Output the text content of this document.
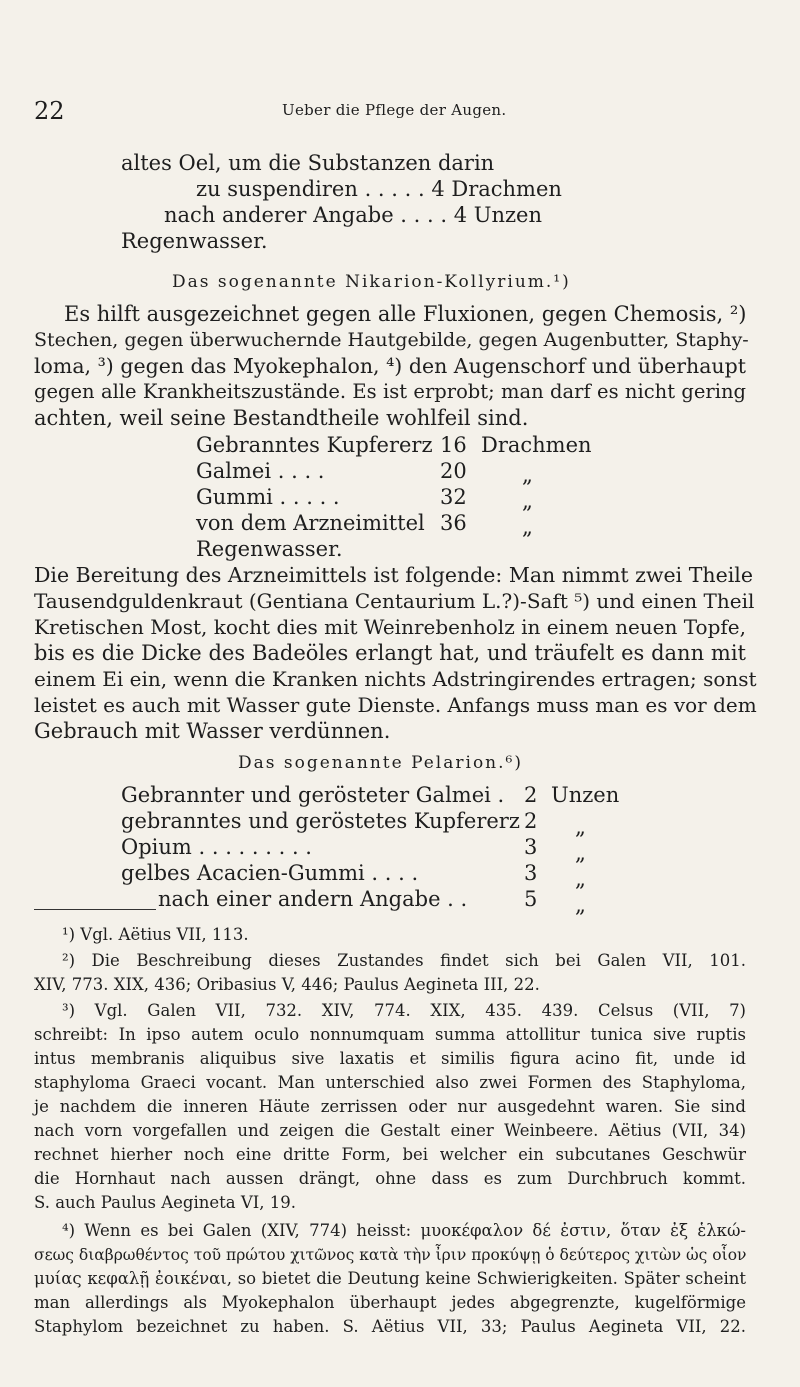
22	Ueber die Pflege der Augen.
altes Oel, um die Substanzen darin
zu suspendiren . . . . . 4 Drachmen
nach anderer Angabe . . . . 4 Unzen
Regenwasser.
Das sogenannte Nikarion-Kollyrium.¹)
Es hilft ausgezeichnet gegen alle Fluxionen, gegen Chemosis, ²)
Stechen, gegen überwuchernde Hautgebilde, gegen Augenbutter, Staphy-
loma, ³) gegen das Myokephalon, ⁴) den Augenschorf und überhaupt
gegen alle Krankheitszustände. Es ist erprobt; man darf es nicht gering
achten, weil seine Bestandtheile wohlfeil sind.
Gebranntes Kupfererz 16 Drachmen
Galmei . . . .	20	„
Gummi . . . . .	32	„
von dem Arzneimittel 36	„
Regenwasser.
Die Bereitung des Arzneimittels ist folgende: Man nimmt zwei Theile
Tausendguldenkraut (Gentiana Centaurium L.?)-Saft ⁵) und einen Theil
Kretischen Most, kocht dies mit Weinrebenholz in einem neuen Topfe,
bis es die Dicke des Badeöles erlangt hat, und träufelt es dann mit
einem Ei ein, wenn die Kranken nichts Adstringirendes ertragen; sonst
leistet es auch mit Wasser gute Dienste. Anfangs muss man es vor dem
Gebrauch mit Wasser verdünnen.
Das sogenannte Pelarion.⁶)
Gebrannter und gerösteter Galmei . 2 Unzen
gebranntes und geröstetes Kupfererz 2 „
Opium . . . . . . . . .	3 „
gelbes Acacien-Gummi . . . .	3 „
nach einer andern Angabe . .	5 „
¹) Vgl. Aëtius VII, 113.
²) Die Beschreibung dieses Zustandes findet sich bei Galen VII, 101.
XIV, 773. XIX, 436; Oribasius V, 446; Paulus Aegineta III, 22.
³) Vgl. Galen VII, 732. XIV, 774. XIX, 435. 439. Celsus (VII, 7)
schreibt: In ipso autem oculo nonnumquam summa attollitur tunica sive ruptis
intus membranis aliquibus sive laxatis et similis figura acino fit, unde id
staphyloma Graeci vocant. Man unterschied also zwei Formen des Staphyloma,
je nachdem die inneren Häute zerrissen oder nur ausgedehnt waren. Sie sind
nach vorn vorgefallen und zeigen die Gestalt einer Weinbeere. Aëtius (VII, 34)
rechnet hierher noch eine dritte Form, bei welcher ein subcutanes Geschwür
die Hornhaut nach aussen drängt, ohne dass es zum Durchbruch kommt.
S. auch Paulus Aegineta VI, 19.
⁴) Wenn es bei Galen (XIV, 774) heisst: μυοκέφαλον δέ ἐστιν, ὅταν ἐξ ἑλκώ-
σεως διαβρωθέντος τοῦ πρώτου χιτῶνος κατὰ τὴν ἶριν προκύψῃ ὁ δεύτερος χιτὼν ὡς οἷον
μυίας κεφαλῇ ἐοικέναι, so bietet die Deutung keine Schwierigkeiten. Später scheint
man allerdings als Myokephalon überhaupt jedes abgegrenzte, kugelförmige
Staphylom bezeichnet zu haben. S. Aëtius VII, 33; Paulus Aegineta VII, 22.
